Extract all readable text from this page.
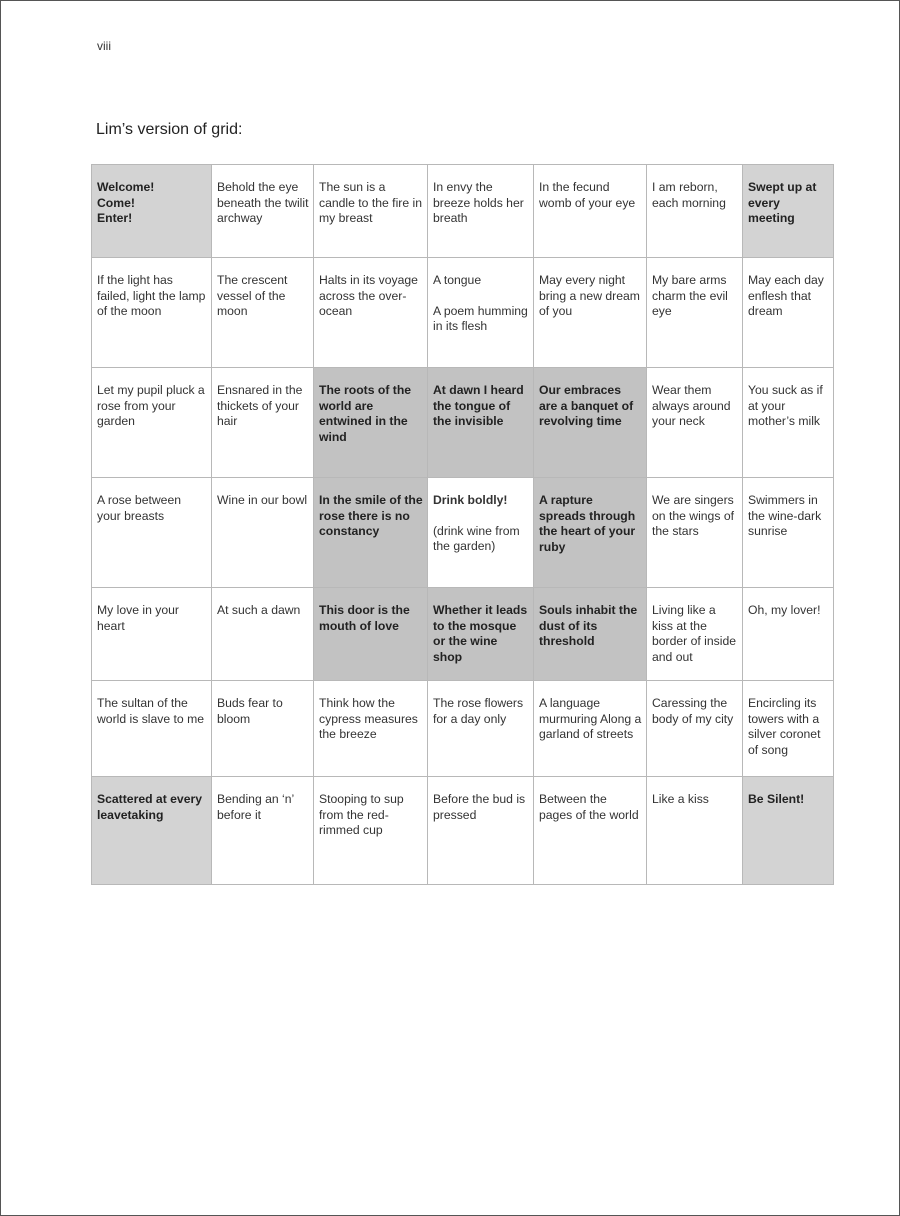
viii
Lim’s version of grid:
Welcome!
Come!
Enter!	Behold the eye beneath the twilit archway	The sun is a candle to the fire in my breast	In envy the breeze holds her breath	In the fecund womb of your eye	I am reborn, each morning	Swept up at every meeting

If the light has failed, light the lamp of the moon	The crescent vessel of the moon	Halts in its voyage across the over-ocean	A tongue
A poem humming in its flesh	May every night bring a new dream of you	My bare arms charm the evil eye	May each day enflesh that dream

Let my pupil pluck a rose from your garden	Ensnared in the thickets of your hair	The roots of the world are entwined in the wind	At dawn I heard the tongue of the invisible	Our embraces are a banquet of revolving time	Wear them always around your neck	You suck as if at your mother’s milk

A rose between your breasts	Wine in our bowl	In the smile of the rose there is no constancy	Drink boldly!
(drink wine from the garden)	A rapture spreads through the heart of your ruby	We are singers on the wings of the stars	Swimmers in the wine-dark sunrise

My love in your heart	At such a dawn	This door is the mouth of love	Whether it leads to the mosque or the wine shop	Souls inhabit the dust of its threshold	Living like a kiss at the border of inside and out	Oh, my lover!

The sultan of the world is slave to me	Buds fear to bloom	Think how the cypress measures the breeze	The rose flowers for a day only	A language murmuring Along a garland of streets	Caressing the body of my city	Encircling its towers with a silver coronet of song

Scattered at every leavetaking	Bending an ‘n’ before it	Stooping to sup from the red-rimmed cup	Before the bud is pressed	Between the pages of the world	Like a kiss	Be Silent!
